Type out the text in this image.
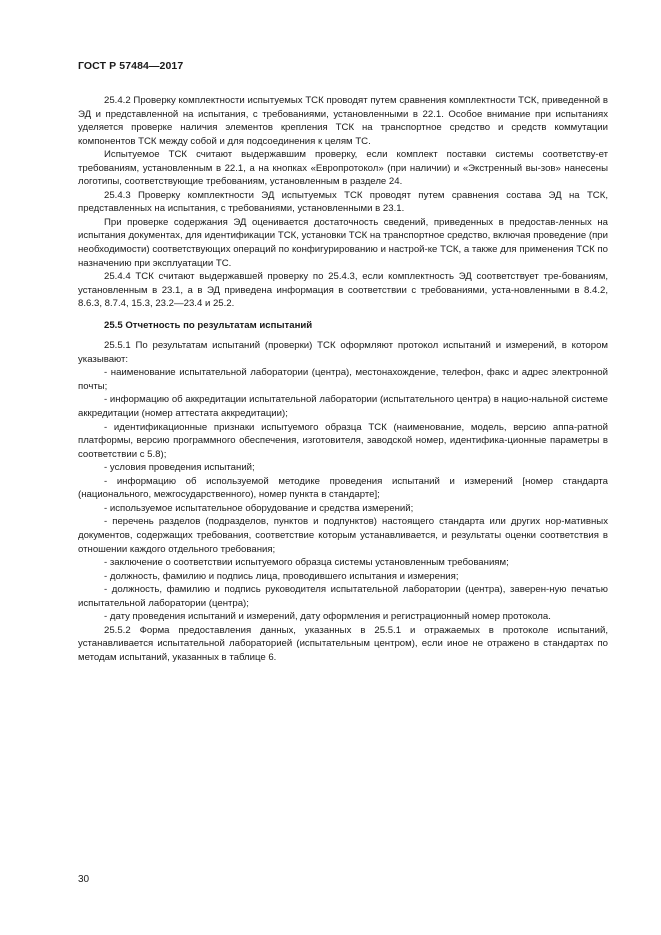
ГОСТ Р 57484—2017

25.4.2 Проверку комплектности испытуемых ТСК проводят путем сравнения комплектности ТСК, приведенной в ЭД и представленной на испытания, с требованиями, установленными в 22.1. Особое внимание при испытаниях уделяется проверке наличия элементов крепления ТСК на транспортное средство и средств коммутации компонентов ТСК между собой и для подсоединения к целям ТС.

Испытуемое ТСК считают выдержавшим проверку, если комплект поставки системы соответству-ет требованиям, установленным в 22.1, а на кнопках «Европротокол» (при наличии) и «Экстренный вы-зов» нанесены логотипы, соответствующие требованиям, установленным в разделе 24.

25.4.3 Проверку комплектности ЭД испытуемых ТСК проводят путем сравнения состава ЭД на ТСК, представленных на испытания, с требованиями, установленными в 23.1.

При проверке содержания ЭД оценивается достаточность сведений, приведенных в предостав-ленных на испытания документах, для идентификации ТСК, установки ТСК на транспортное средство, включая проведение (при необходимости) соответствующих операций по конфигурированию и настрой-ке ТСК, а также для применения ТСК по назначению при эксплуатации ТС.

25.4.4 ТСК считают выдержавшей проверку по 25.4.3, если комплектность ЭД соответствует тре-бованиям, установленным в 23.1, а в ЭД приведена информация в соответствии с требованиями, уста-новленными в 8.4.2, 8.6.3, 8.7.4, 15.3, 23.2—23.4 и 25.2.

25.5 Отчетность по результатам испытаний

25.5.1 По результатам испытаний (проверки) ТСК оформляют протокол испытаний и измерений, в котором указывают:

- наименование испытательной лаборатории (центра), местонахождение, телефон, факс и адрес электронной почты;

- информацию об аккредитации испытательной лаборатории (испытательного центра) в нацио-нальной системе аккредитации (номер аттестата аккредитации);

- идентификационные признаки испытуемого образца ТСК (наименование, модель, версию аппа-ратной платформы, версию программного обеспечения, изготовителя, заводской номер, идентифика-ционные параметры в соответствии с 5.8);

- условия проведения испытаний;

- информацию об используемой методике проведения испытаний и измерений [номер стандарта (национального, межгосударственного), номер пункта в стандарте];

- используемое испытательное оборудование и средства измерений;

- перечень разделов (подразделов, пунктов и подпунктов) настоящего стандарта или других нор-мативных документов, содержащих требования, соответствие которым устанавливается, и результаты оценки соответствия в отношении каждого отдельного требования;

- заключение о соответствии испытуемого образца системы установленным требованиям;

- должность, фамилию и подпись лица, проводившего испытания и измерения;

- должность, фамилию и подпись руководителя испытательной лаборатории (центра), заверен-ную печатью испытательной лаборатории (центра);

- дату проведения испытаний и измерений, дату оформления и регистрационный номер протокола.

25.5.2 Форма предоставления данных, указанных в 25.5.1 и отражаемых в протоколе испытаний, устанавливается испытательной лабораторией (испытательным центром), если иное не отражено в стандартах по методам испытаний, указанных в таблице 6.

30
